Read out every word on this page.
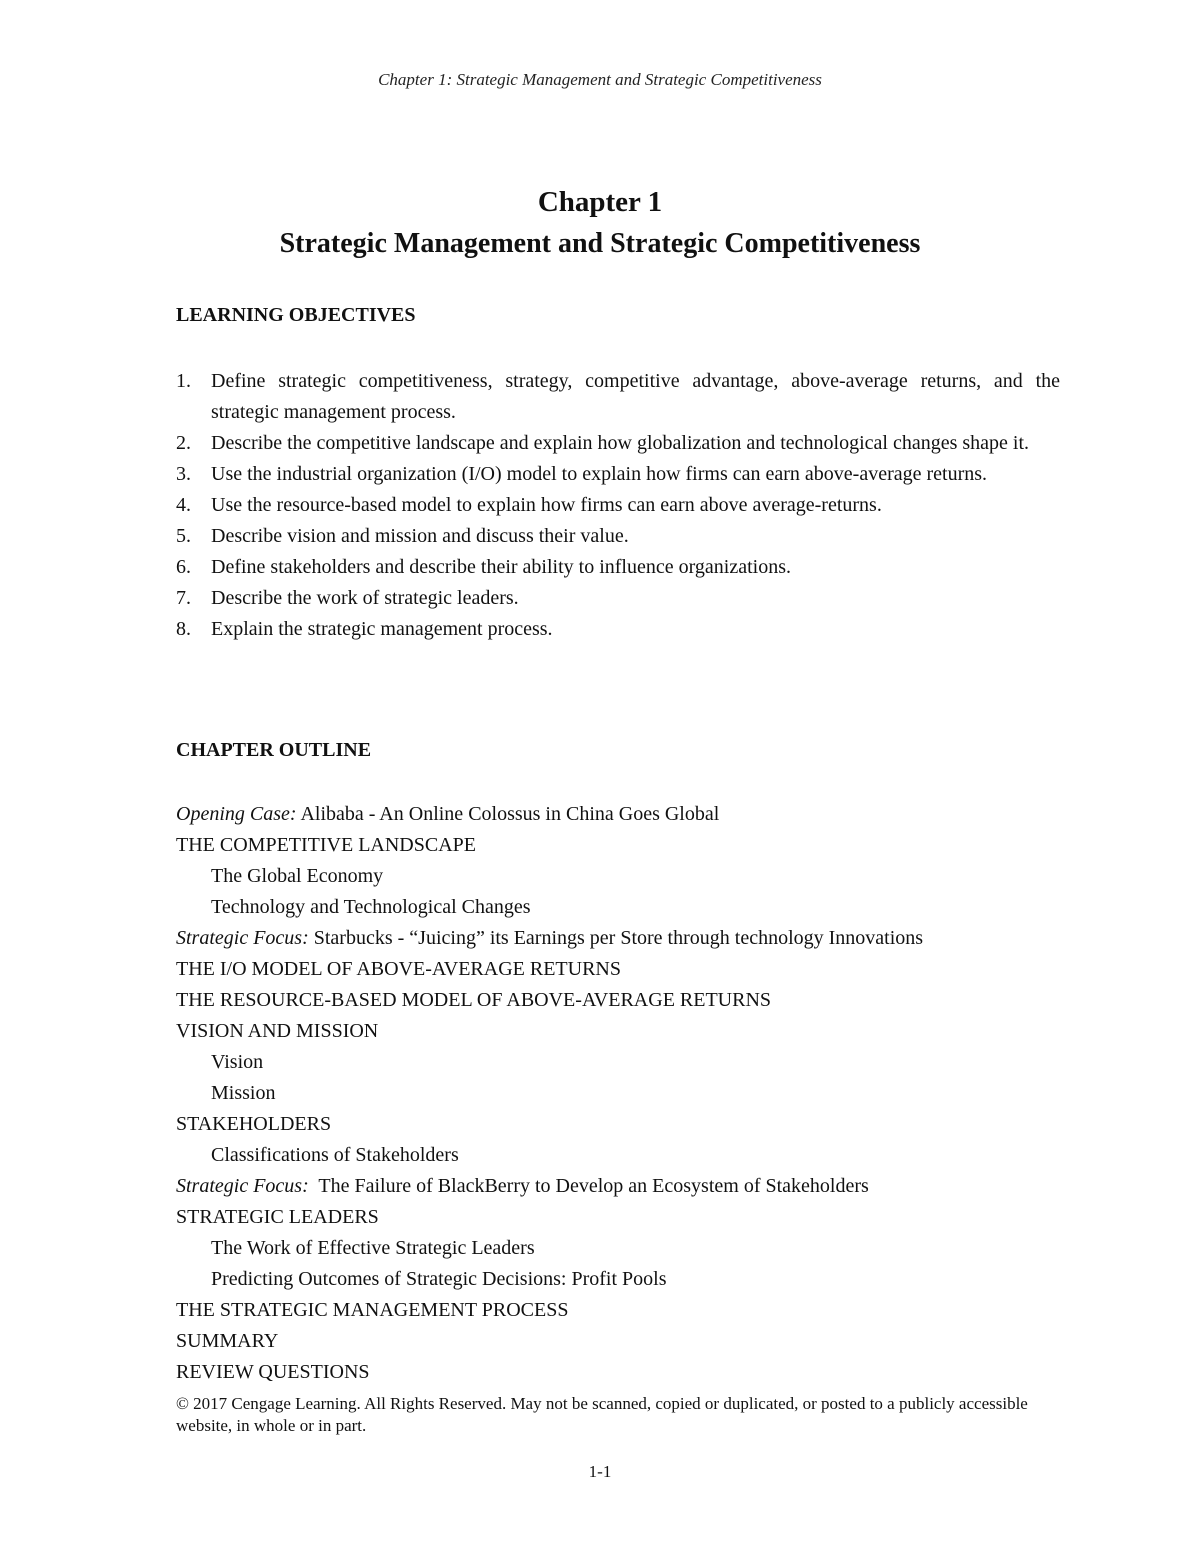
Chapter 1: Strategic Management and Strategic Competitiveness
Chapter 1
Strategic Management and Strategic Competitiveness
LEARNING OBJECTIVES
1.	Define strategic competitiveness, strategy, competitive advantage, above-average returns, and the strategic management process.
2.	Describe the competitive landscape and explain how globalization and technological changes shape it.
3.	Use the industrial organization (I/O) model to explain how firms can earn above-average returns.
4.	Use the resource-based model to explain how firms can earn above average-returns.
5.	Describe vision and mission and discuss their value.
6.	Define stakeholders and describe their ability to influence organizations.
7.	Describe the work of strategic leaders.
8.	Explain the strategic management process.
CHAPTER OUTLINE
Opening Case: Alibaba - An Online Colossus in China Goes Global
THE COMPETITIVE LANDSCAPE
The Global Economy
Technology and Technological Changes
Strategic Focus: Starbucks - “Juicing” its Earnings per Store through technology Innovations
THE I/O MODEL OF ABOVE-AVERAGE RETURNS
THE RESOURCE-BASED MODEL OF ABOVE-AVERAGE RETURNS
VISION AND MISSION
Vision
Mission
STAKEHOLDERS
Classifications of Stakeholders
Strategic Focus:  The Failure of BlackBerry to Develop an Ecosystem of Stakeholders
STRATEGIC LEADERS
The Work of Effective Strategic Leaders
Predicting Outcomes of Strategic Decisions: Profit Pools
THE STRATEGIC MANAGEMENT PROCESS
SUMMARY
REVIEW QUESTIONS
© 2017 Cengage Learning. All Rights Reserved. May not be scanned, copied or duplicated, or posted to a publicly accessible website, in whole or in part.
1-1
